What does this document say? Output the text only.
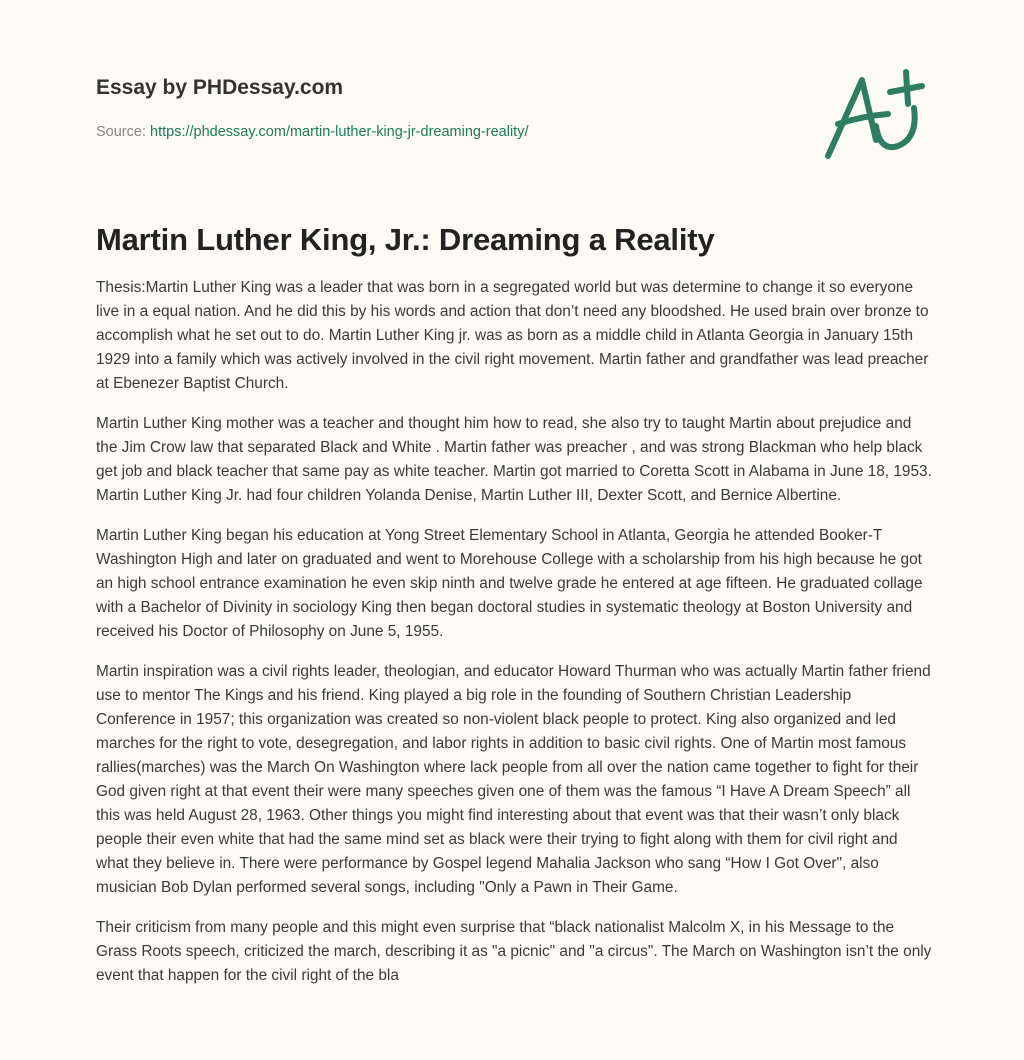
Essay by PHDessay.com
Source: https://phdessay.com/martin-luther-king-jr-dreaming-reality/
Martin Luther King, Jr.: Dreaming a Reality

Thesis:Martin Luther King was a leader that was born in a segregated world but was determine to change it so everyone live in a equal nation. And he did this by his words and action that don’t need any bloodshed. He used brain over bronze to accomplish what he set out to do. Martin Luther King jr. was as born as a middle child in Atlanta Georgia in January 15th 1929 into a family which was actively involved in the civil right movement. Martin father and grandfather was lead preacher at Ebenezer Baptist Church.

Martin Luther King mother was a teacher and thought him how to read, she also try to taught Martin about prejudice and the Jim Crow law that separated Black and White . Martin father was preacher , and was strong Blackman who help black get job and black teacher that same pay as white teacher. Martin got married to Coretta Scott in Alabama in June 18, 1953. Martin Luther King Jr. had four children Yolanda Denise, Martin Luther III, Dexter Scott, and Bernice Albertine.

Martin Luther King began his education at Yong Street Elementary School in Atlanta, Georgia he attended Booker-T Washington High and later on graduated and went to Morehouse College with a scholarship from his high because he got an high school entrance examination he even skip ninth and twelve grade he entered at age fifteen. He graduated collage with a Bachelor of Divinity in sociology King then began doctoral studies in systematic theology at Boston University and received his Doctor of Philosophy on June 5, 1955.

Martin inspiration was a civil rights leader, theologian, and educator Howard Thurman who was actually Martin father friend use to mentor The Kings and his friend. King played a big role in the founding of Southern Christian Leadership Conference in 1957; this organization was created so non-violent black people to protect. King also organized and led marches for the right to vote, desegregation, and labor rights in addition to basic civil rights. One of Martin most famous rallies(marches) was the March On Washington where lack people from all over the nation came together to fight for their God given right at that event their were many speeches given one of them was the famous “I Have A Dream Speech” all this was held August 28, 1963. Other things you might find interesting about that event was that their wasn’t only black people their even white that had the same mind set as black were their trying to fight along with them for civil right and what they believe in. There were performance by Gospel legend Mahalia Jackson who sang “How I Got Over", also musician Bob Dylan performed several songs, including "Only a Pawn in Their Game.

Their criticism from many people and this might even surprise that “black nationalist Malcolm X, in his Message to the Grass Roots speech, criticized the march, describing it as "a picnic" and "a circus". The March on Washington isn’t the only event that happen for the civil right of the bla
